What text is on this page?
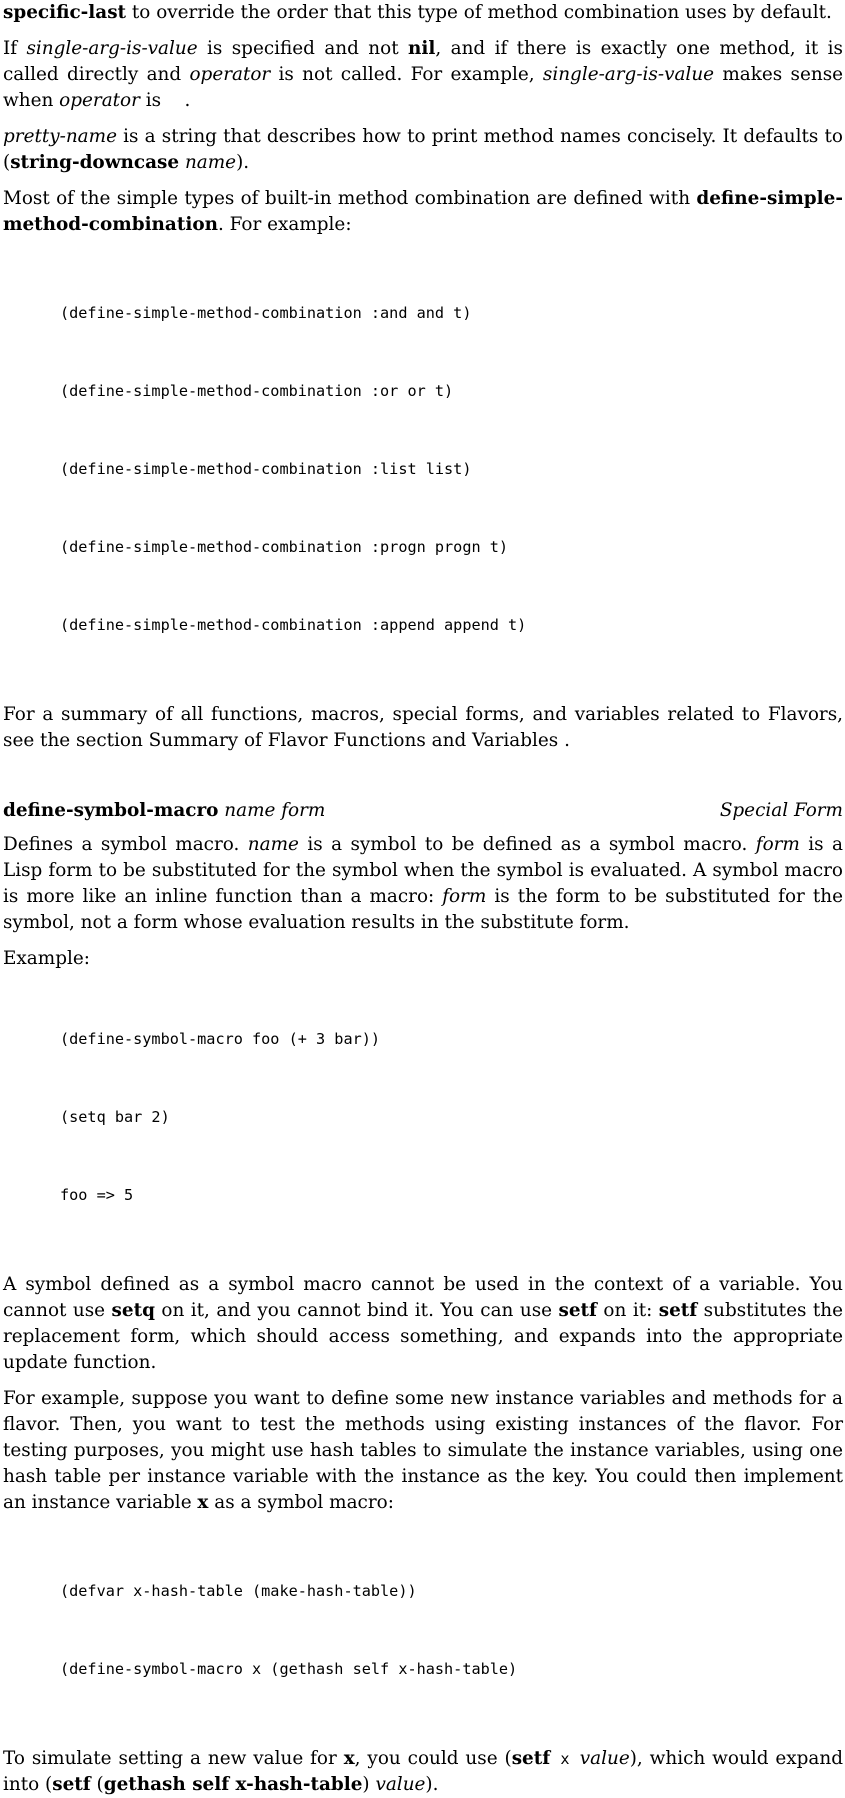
specific-last to override the order that this type of method combination uses by default.

If single-arg-is-value is specified and not nil, and if there is exactly one method, it is called directly and operator is not called. For example, single-arg-is-value makes sense when operator is    .

pretty-name is a string that describes how to print method names concisely. It defaults to (string-downcase name).

Most of the simple types of built-in method combination are defined with define-simple-method-combination. For example:

(define-simple-method-combination :and and t)

(define-simple-method-combination :or or t)

(define-simple-method-combination :list list)

(define-simple-method-combination :progn progn t)

(define-simple-method-combination :append append t)

For a summary of all functions, macros, special forms, and variables related to Flavors, see the section Summary of Flavor Functions and Variables .

define-symbol-macro name form	Special Form

Defines a symbol macro. name is a symbol to be defined as a symbol macro. form is a Lisp form to be substituted for the symbol when the symbol is evaluated. A symbol macro is more like an inline function than a macro: form is the form to be substituted for the symbol, not a form whose evaluation results in the substitute form.

Example:

(define-symbol-macro foo (+ 3 bar))

(setq bar 2)

foo => 5

A symbol defined as a symbol macro cannot be used in the context of a variable. You cannot use setq on it, and you cannot bind it. You can use setf on it: setf substitutes the replacement form, which should access something, and expands into the appropriate update function.

For example, suppose you want to define some new instance variables and methods for a flavor. Then, you want to test the methods using existing instances of the flavor. For testing purposes, you might use hash tables to simulate the instance variables, using one hash table per instance variable with the instance as the key. You could then implement an instance variable x as a symbol macro:

(defvar x-hash-table (make-hash-table))

(define-symbol-macro x (gethash self x-hash-table)

To simulate setting a new value for x, you could use (setf x value), which would expand into (setf (gethash self x-hash-table) value).
